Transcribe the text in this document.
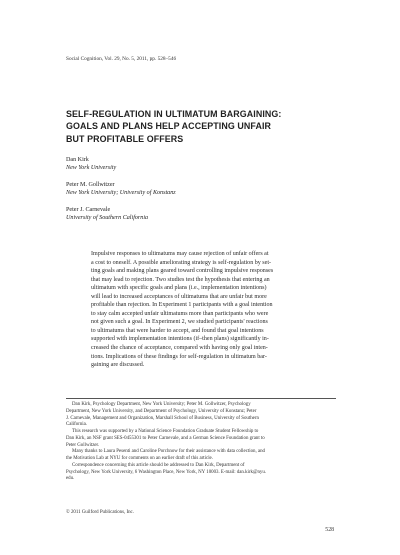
Social Cognition, Vol. 29, No. 5, 2011, pp. 528–546
SELF-REGULATION IN ULTIMATUM BARGAINING:
GOALS AND PLANS HELP ACCEPTING UNFAIR
BUT PROFITABLE OFFERS
Dan Kirk
New York University
Peter M. Gollwitzer
New York University; University of Konstanz
Peter J. Carnevale
University of Southern California
Impulsive responses to ultimatums may cause rejection of unfair offers at
a cost to oneself. A possible ameliorating strategy is self-regulation by set-
ting goals and making plans geared toward controlling impulsive responses
that may lead to rejection. Two studies test the hypothesis that entering an
ultimatum with specific goals and plans (i.e., implementation intentions)
will lead to increased acceptances of ultimatums that are unfair but more
profitable than rejection. In Experiment 1 participants with a goal intention
to stay calm accepted unfair ultimatums more than participants who were
not given such a goal. In Experiment 2, we studied participants' reactions
to ultimatums that were harder to accept, and found that goal intentions
supported with implementation intentions (if–then plans) significantly in-
creased the chance of acceptance, compared with having only goal inten-
tions. Implications of these findings for self-regulation in ultimatum bar-
gaining are discussed.
Dan Kirk, Psychology Department, New York University; Peter M. Gollwitzer, Psychology
Department, New York University, and Department of Psychology, University of Konstanz; Peter
J. Carnevale, Management and Organization, Marshall School of Business, University of Southern
California.
This research was supported by a National Science Foundation Graduate Student Fellowship to
Dan Kirk, an NSF grant SES-0455301 to Peter Carnevale, and a German Science Foundation grant to
Peter Gollwitzer.
Many thanks to Laura Pesenti and Caroline Porchnow for their assistance with data collection, and
the Motivation Lab at NYU for comments on an earlier draft of this article.
Correspondence concerning this article should be addressed to Dan Kirk, Department of
Psychology, New York University, 6 Washington Place, New York, NY 10003. E-mail: dan.kirk@nyu.
edu.
© 2011 Guilford Publications, Inc.
528
